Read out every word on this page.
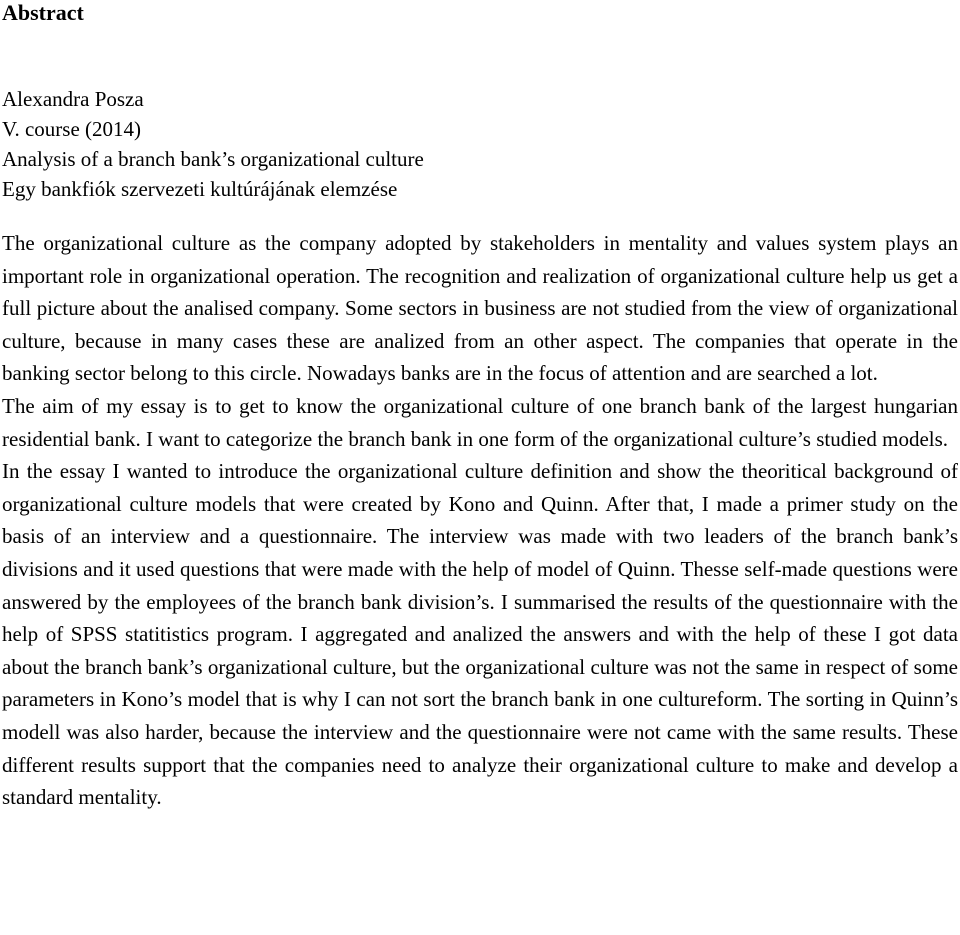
Abstract

Alexandra Posza

V. course (2014)

Analysis of a branch bank’s organizational culture

Egy bankfiók szervezeti kultúrájának elemzése

The organizational culture as the company adopted by stakeholders in mentality and values system plays an important role in organizational operation. The recognition and realization of organizational culture help us get a full picture about the analised company. Some sectors in business are not studied from the view of organizational culture, because in many cases these are analized from an other aspect. The companies that operate in the banking sector belong to this circle. Nowadays banks are in the focus of attention and are searched a lot.

The aim of my essay is to get to know the organizational culture of one branch bank of the largest hungarian residential bank. I want to categorize the branch bank in one form of the organizational culture’s studied models.

In the essay I wanted to introduce the organizational culture definition and show the theoritical background of organizational culture models that were created by Kono and Quinn. After that, I made a primer study on the basis of an interview and a questionnaire. The interview was made with two leaders of the branch bank’s divisions and it used questions that were made with the help of model of Quinn. Thesse self-made questions were answered by the employees of the branch bank division’s. I summarised the results of the questionnaire with the help of SPSS statitistics program. I aggregated and analized the answers and with the help of these I got data about the branch bank’s organizational culture, but the organizational culture was not the same in respect of some parameters in Kono’s model that is why I can not sort the branch bank in one cultureform. The sorting in Quinn’s modell was also harder, because the interview and the questionnaire were not came with the same results. These different results support that the companies need to analyze their organizational culture to make and develop a standard mentality.
